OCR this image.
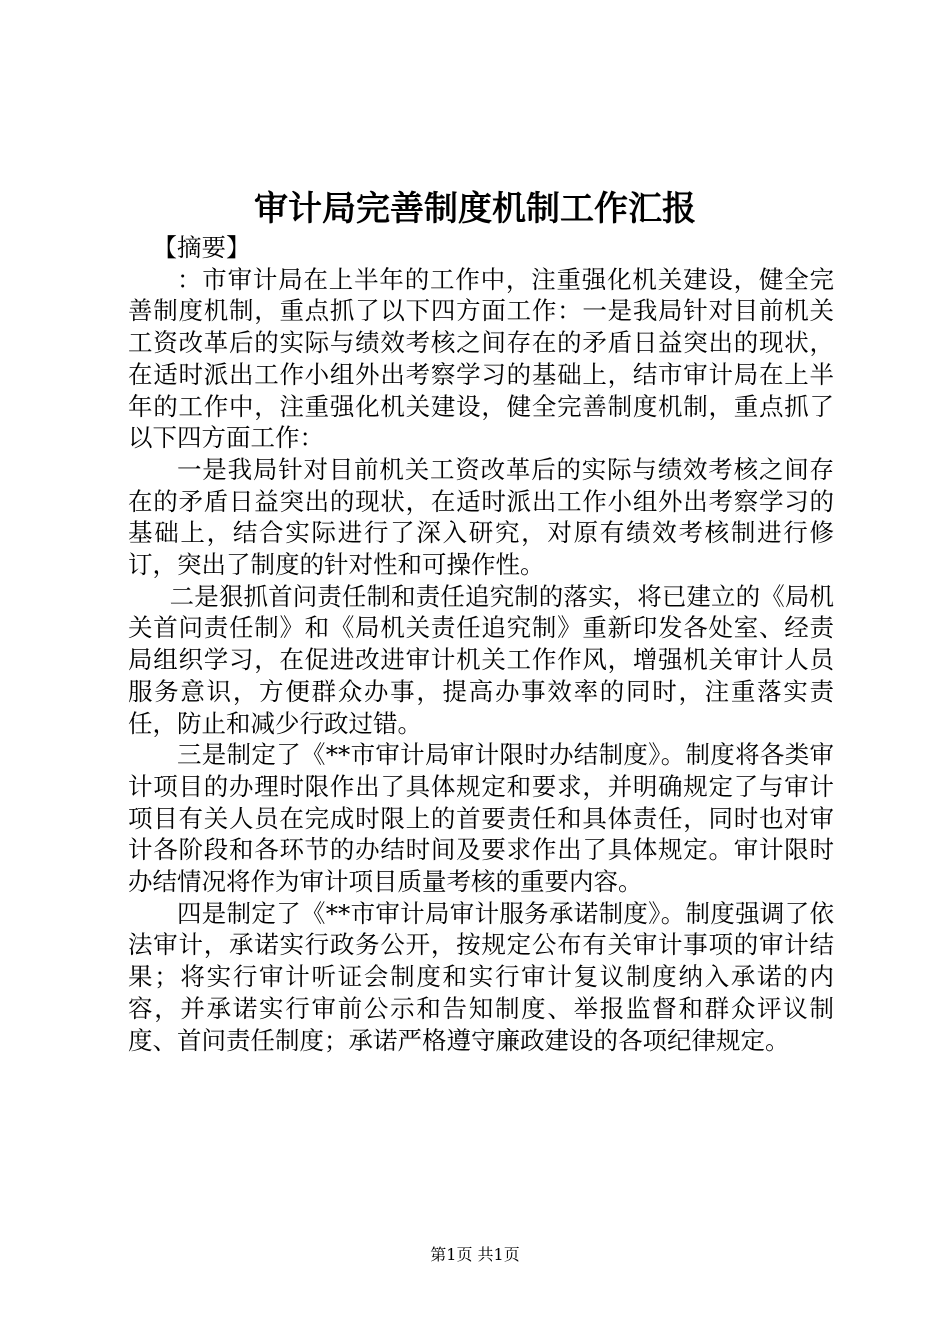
审计局完善制度机制工作汇报

【摘要】

：市审计局在上半年的工作中，注重强化机关建设，健全完善制度机制，重点抓了以下四方面工作：一是我局针对目前机关工资改革后的实际与绩效考核之间存在的矛盾日益突出的现状，在适时派出工作小组外出考察学习的基础上，结市审计局在上半年的工作中，注重强化机关建设，健全完善制度机制，重点抓了以下四方面工作：

一是我局针对目前机关工资改革后的实际与绩效考核之间存在的矛盾日益突出的现状，在适时派出工作小组外出考察学习的基础上，结合实际进行了深入研究，对原有绩效考核制进行修订，突出了制度的针对性和可操作性。

二是狠抓首问责任制和责任追究制的落实，将已建立的《局机关首问责任制》和《局机关责任追究制》重新印发各处室、经责局组织学习，在促进改进审计机关工作作风，增强机关审计人员服务意识，方便群众办事，提高办事效率的同时，注重落实责任，防止和减少行政过错。

三是制定了《**市审计局审计限时办结制度》。制度将各类审计项目的办理时限作出了具体规定和要求，并明确规定了与审计项目有关人员在完成时限上的首要责任和具体责任，同时也对审计各阶段和各环节的办结时间及要求作出了具体规定。审计限时办结情况将作为审计项目质量考核的重要内容。

四是制定了《**市审计局审计服务承诺制度》。制度强调了依法审计，承诺实行政务公开，按规定公布有关审计事项的审计结果；将实行审计听证会制度和实行审计复议制度纳入承诺的内容，并承诺实行审前公示和告知制度、举报监督和群众评议制度、首问责任制度；承诺严格遵守廉政建设的各项纪律规定。

第1页 共1页
